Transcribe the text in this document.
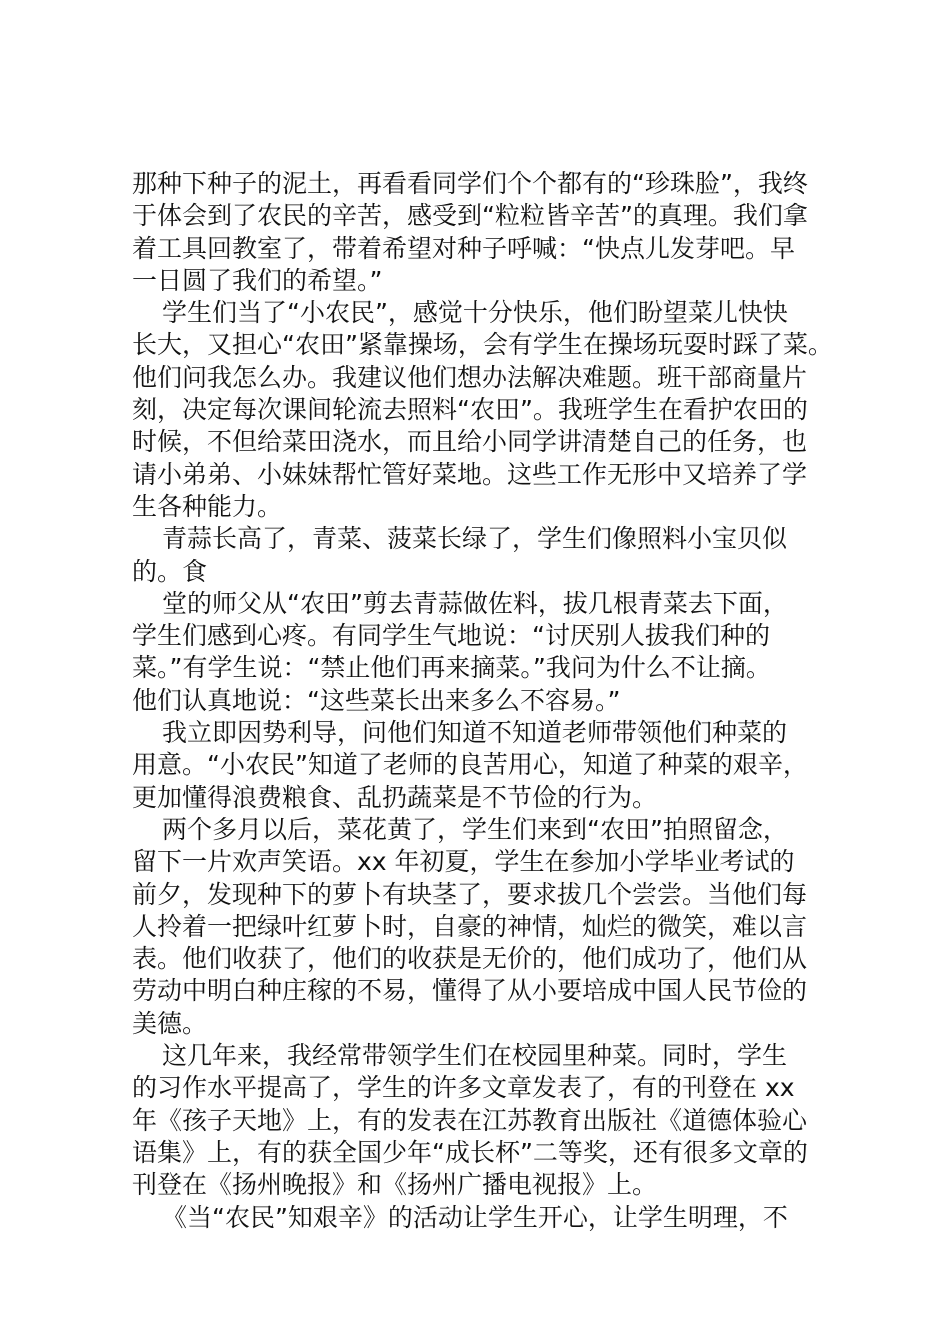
那种下种子的泥土，再看看同学们个个都有的“珍珠脸”，我终
于体会到了农民的辛苦，感受到“粒粒皆辛苦”的真理。我们拿
着工具回教室了，带着希望对种子呼喊：“快点儿发芽吧。早
一日圆了我们的希望。”
学生们当了“小农民”，感觉十分快乐，他们盼望菜儿快快
长大，又担心“农田”紧靠操场，会有学生在操场玩耍时踩了菜。
他们问我怎么办。我建议他们想办法解决难题。班干部商量片
刻，决定每次课间轮流去照料“农田”。我班学生在看护农田的
时候，不但给菜田浇水，而且给小同学讲清楚自己的任务，也
请小弟弟、小妹妹帮忙管好菜地。这些工作无形中又培养了学
生各种能力。
青蒜长高了，青菜、菠菜长绿了，学生们像照料小宝贝似
的。食
堂的师父从“农田”剪去青蒜做佐料，拔几根青菜去下面，
学生们感到心疼。有同学生气地说：“讨厌别人拔我们种的
菜。”有学生说：“禁止他们再来摘菜。”我问为什么不让摘。
他们认真地说：“这些菜长出来多么不容易。”
我立即因势利导，问他们知道不知道老师带领他们种菜的
用意。“小农民”知道了老师的良苦用心，知道了种菜的艰辛，
更加懂得浪费粮食、乱扔蔬菜是不节俭的行为。
两个多月以后，菜花黄了，学生们来到“农田”拍照留念，
留下一片欢声笑语。xx 年初夏，学生在参加小学毕业考试的
前夕，发现种下的萝卜有块茎了，要求拔几个尝尝。当他们每
人拎着一把绿叶红萝卜时，自豪的神情，灿烂的微笑，难以言
表。他们收获了，他们的收获是无价的，他们成功了，他们从
劳动中明白种庄稼的不易，懂得了从小要培成中国人民节俭的
美德。
这几年来，我经常带领学生们在校园里种菜。同时，学生
的习作水平提高了，学生的许多文章发表了，有的刊登在 xx
年《孩子天地》上，有的发表在江苏教育出版社《道德体验心
语集》上，有的获全国少年“成长杯”二等奖，还有很多文章的
刊登在《扬州晚报》和《扬州广播电视报》上。
《当“农民”知艰辛》的活动让学生开心，让学生明理，不
